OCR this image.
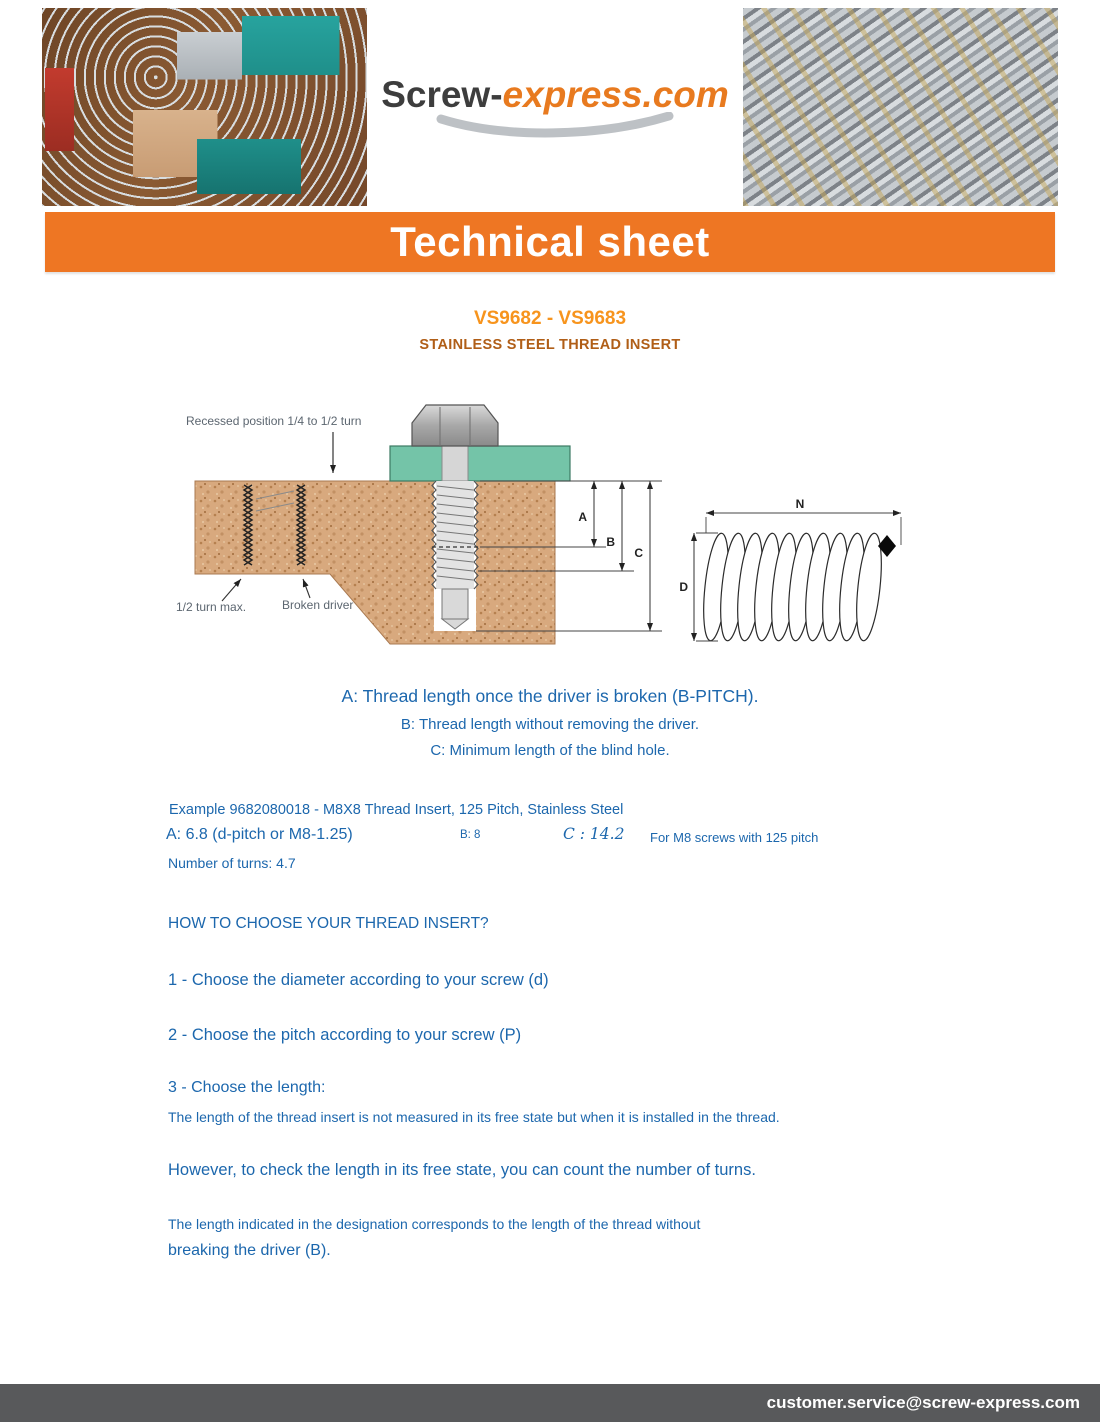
Screw-express.com
Technical sheet
VS9682 - VS9683
STAINLESS STEEL THREAD INSERT
Recessed position 1/4 to 1/2 turn
1/2 turn max.	Broken driver
A
B
C
N
D

A: Thread length once the driver is broken (B-PITCH).

B: Thread length without removing the driver.

C: Minimum length of the blind hole.

Example 9682080018 - M8X8 Thread Insert, 125 Pitch, Stainless Steel
A: 6.8 (d-pitch or M8-1.25)	B: 8	C : 14.2 For M8 screws with 125 pitch
Number of turns: 4.7

HOW TO CHOOSE YOUR THREAD INSERT?

1 - Choose the diameter according to your screw (d)

2 - Choose the pitch according to your screw (P)

3 - Choose the length:

The length of the thread insert is not measured in its free state but when it is installed in the thread.

However, to check the length in its free state, you can count the number of turns.

The length indicated in the designation corresponds to the length of the thread without

breaking the driver (B).

customer.service@screw-express.com
